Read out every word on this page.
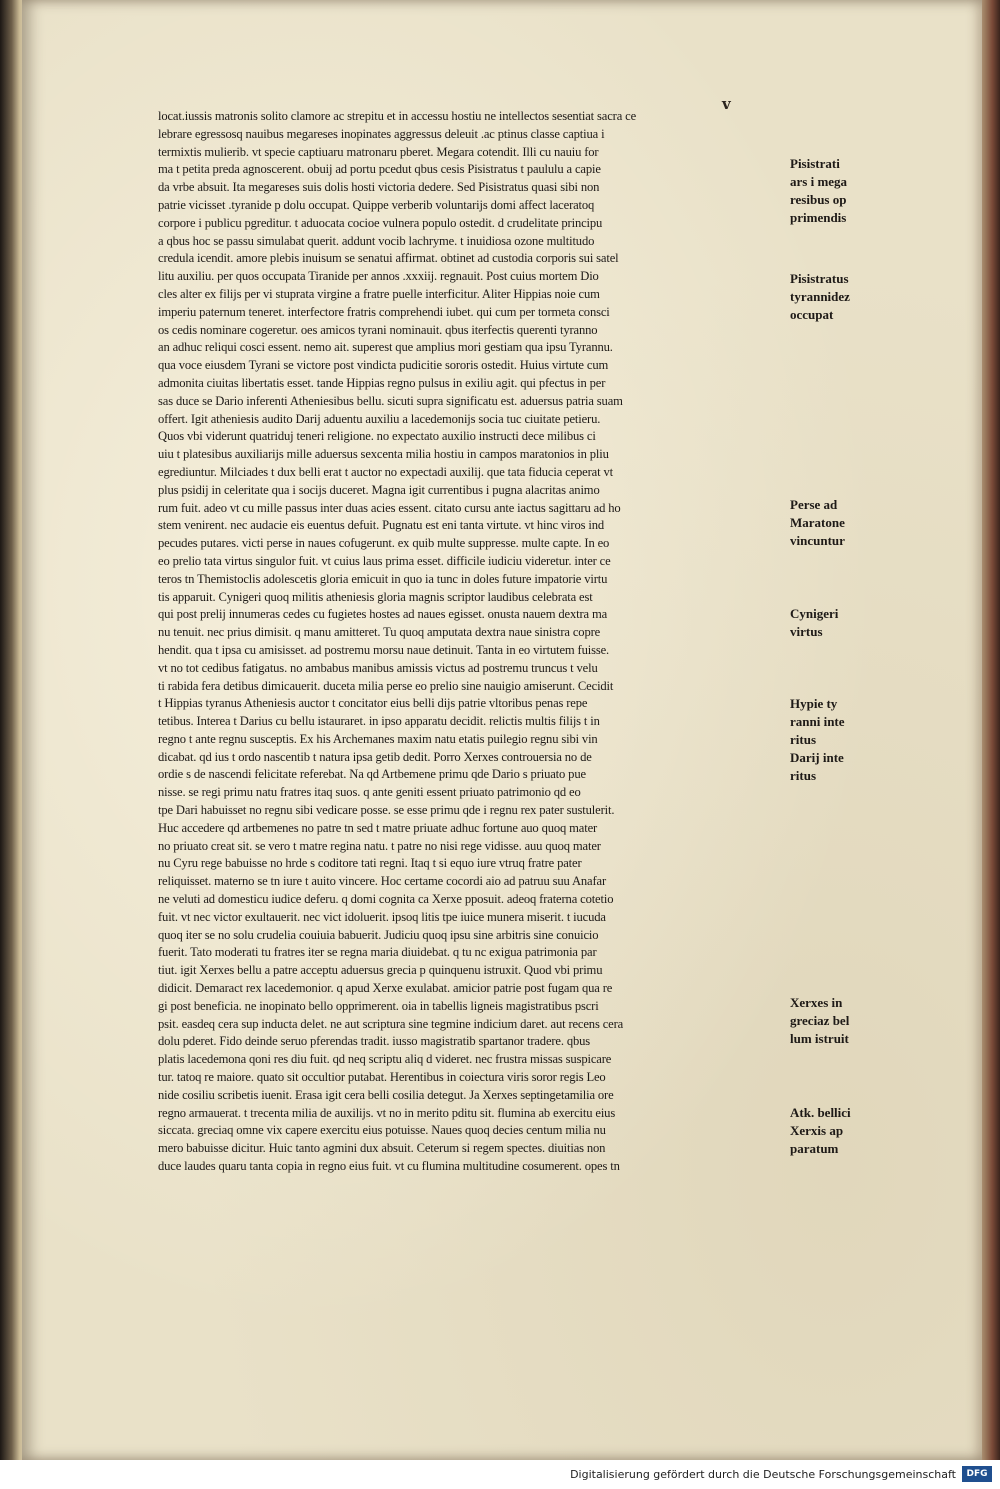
v
locat.iussis matronis solito clamore ac strepitu et in accessu hostiu ne intellectos sesentiat sacra ce
lebrare egressosq nauibus megareses inopinates aggressus deleuit .ac ptinus classe captiua i
termixtis mulierib. vt specie captiuaru matronaru pberet. Megara cotendit. Illi cu nauiu for
ma t petita preda agnoscerent. obuij ad portu pcedut qbus cesis Pisistratus t paululu a capie
da vrbe absuit. Ita megareses suis dolis hosti victoria dedere. Sed Pisistratus quasi sibi non
patrie vicisset .tyranide p dolu occupat. Quippe verberib voluntarijs domi affect laceratoq
corpore i publicu pgreditur. t aduocata cocioe vulnera populo ostedit. d crudelitate principu
a qbus hoc se passu simulabat querit. addunt vocib lachryme. t inuidiosa ozone multitudo
credula icendit. amore plebis inuisum se senatui affirmat. obtinet ad custodia corporis sui satel
litu auxiliu. per quos occupata Tiranide per annos .xxxiij. regnauit. Post cuius mortem Dio
cles alter ex filijs per vi stuprata virgine a fratre puelle interficitur. Aliter Hippias noie cum
imperiu paternum teneret. interfectore fratris comprehendi iubet. qui cum per tormeta consci
os cedis nominare cogeretur. oes amicos tyrani nominauit. qbus iterfectis querenti tyranno
an adhuc reliqui cosci essent. nemo ait. superest que amplius mori gestiam qua ipsu Tyrannu.
qua voce eiusdem Tyrani se victore post vindicta pudicitie sororis ostedit. Huius virtute cum
admonita ciuitas libertatis esset. tande Hippias regno pulsus in exiliu agit. qui pfectus in per
sas duce se Dario inferenti Atheniesibus bellu. sicuti supra significatu est. aduersus patria suam
offert. Igit atheniesis audito Darij aduentu auxiliu a lacedemonijs socia tuc ciuitate petieru.
Quos vbi viderunt quatriduj teneri religione. no expectato auxilio instructi dece milibus ci
uiu t platesibus auxiliarijs mille aduersus sexcenta milia hostiu in campos maratonios in pliu
egrediuntur. Milciades t dux belli erat t auctor no expectadi auxilij. que tata fiducia ceperat vt
plus psidij in celeritate qua i socijs duceret. Magna igit currentibus i pugna alacritas animo
rum fuit. adeo vt cu mille passus inter duas acies essent. citato cursu ante iactus sagittaru ad ho
stem venirent. nec audacie eis euentus defuit. Pugnatu est eni tanta virtute. vt hinc viros ind
pecudes putares. victi perse in naues cofugerunt. ex quib multe suppresse. multe capte. In eo
eo prelio tata virtus singulor fuit. vt cuius laus prima esset. difficile iudiciu videretur. inter ce
teros tn Themistoclis adolescetis gloria emicuit in quo ia tunc in doles future impatorie virtu
tis apparuit. Cynigeri quoq militis atheniesis gloria magnis scriptor laudibus celebrata est
qui post prelij innumeras cedes cu fugietes hostes ad naues egisset. onusta nauem dextra ma
nu tenuit. nec prius dimisit. q manu amitteret. Tu quoq amputata dextra naue sinistra copre
hendit. qua t ipsa cu amisisset. ad postremu morsu naue detinuit. Tanta in eo virtutem fuisse.
vt no tot cedibus fatigatus. no ambabus manibus amissis victus ad postremu truncus t velu
ti rabida fera detibus dimicauerit. duceta milia perse eo prelio sine nauigio amiserunt. Cecidit
t Hippias tyranus Atheniesis auctor t concitator eius belli dijs patrie vltoribus penas repe
tetibus. Interea t Darius cu bellu istauraret. in ipso apparatu decidit. relictis multis filijs t in
regno t ante regnu susceptis. Ex his Archemanes maxim natu etatis puilegio regnu sibi vin
dicabat. qd ius t ordo nascentib t natura ipsa getib dedit. Porro Xerxes controuersia no de
ordie s de nascendi felicitate referebat. Na qd Artbemene primu qde Dario s priuato pue
nisse. se regi primu natu fratres itaq suos. q ante geniti essent priuato patrimonio qd eo
tpe Dari habuisset no regnu sibi vedicare posse. se esse primu qde i regnu rex pater sustulerit.
Huc accedere qd artbemenes no patre tn sed t matre priuate adhuc fortune auo quoq mater
no priuato creat sit. se vero t matre regina natu. t patre no nisi rege vidisse. auu quoq mater
nu Cyru rege babuisse no hrde s coditore tati regni. Itaq t si equo iure vtruq fratre pater
reliquisset. materno se tn iure t auito vincere. Hoc certame cocordi aio ad patruu suu Anafar
ne veluti ad domesticu iudice deferu. q domi cognita ca Xerxe pposuit. adeoq fraterna cotetio
fuit. vt nec victor exultauerit. nec vict idoluerit. ipsoq litis tpe iuice munera miserit. t iucuda
quoq iter se no solu crudelia couiuia babuerit. Judiciu quoq ipsu sine arbitris sine conuicio
fuerit. Tato moderati tu fratres iter se regna maria diuidebat. q tu nc exigua patrimonia par
tiut. igit Xerxes bellu a patre acceptu aduersus grecia p quinquenu istruxit. Quod vbi primu
didicit. Demaract rex lacedemonior. q apud Xerxe exulabat. amicior patrie post fugam qua re
gi post beneficia. ne inopinato bello opprimerent. oia in tabellis ligneis magistratibus pscri
psit. easdeq cera sup inducta delet. ne aut scriptura sine tegmine indicium daret. aut recens cera
dolu pderet. Fido deinde seruo pferendas tradit. iusso magistratib spartanor tradere. qbus
platis lacedemona qoni res diu fuit. qd neq scriptu aliq d videret. nec frustra missas suspicare
tur. tatoq re maiore. quato sit occultior putabat. Herentibus in coiectura viris soror regis Leo
nide cosiliu scribetis iuenit. Erasa igit cera belli cosilia detegut. Ja Xerxes septingetamilia ore
regno armauerat. t trecenta milia de auxilijs. vt no in merito pditu sit. flumina ab exercitu eius
siccata. greciaq omne vix capere exercitu eius potuisse. Naues quoq decies centum milia nu
mero babuisse dicitur. Huic tanto agmini dux absuit. Ceterum si regem spectes. diuitias non
duce laudes quaru tanta copia in regno eius fuit. vt cu flumina multitudine cosumerent. opes tn
Pisistrati
ars i mega
resibus op
primendis
Pisistratus
tyrannidez
occupat
Perse ad
Maratone
vincuntur
Cynigeri
virtus
Hypie ty
ranni inte
ritus
Darij inte
ritus
Xerxes in
greciaz bel
lum istruit
Atk. bellici
Xerxis ap
paratum

Digitalisierung gefördert durch die Deutsche Forschungsgemeinschaft	DFG
